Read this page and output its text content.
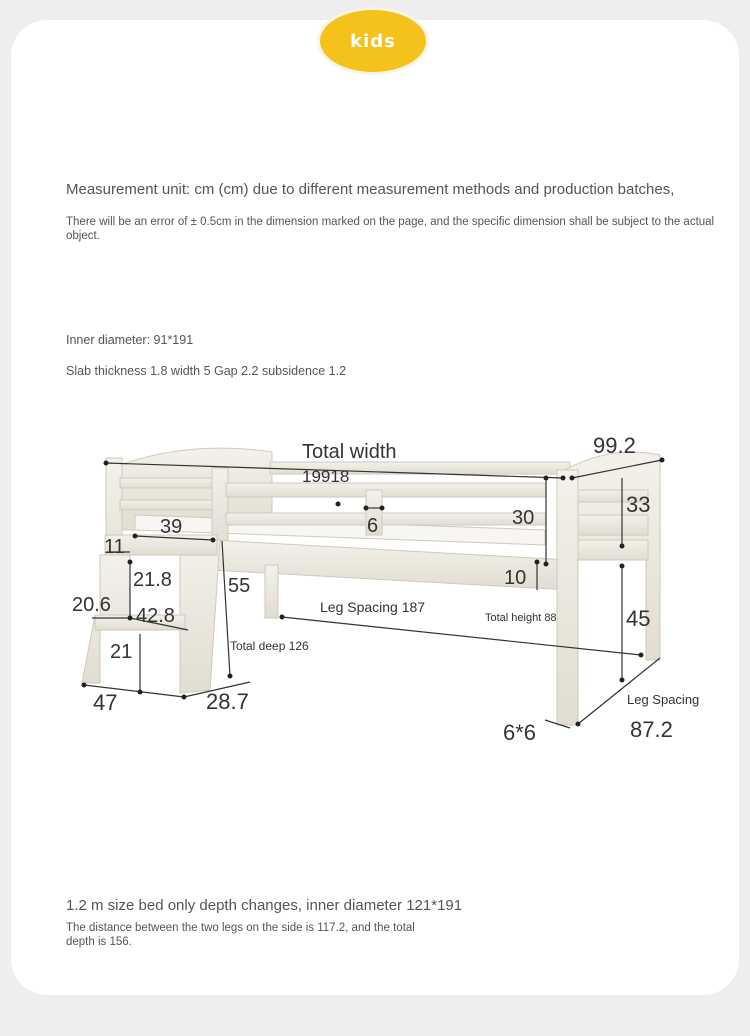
kids
Measurement unit: cm (cm) due to different measurement methods and production batches,
There will be an error of ± 0.5cm in the dimension marked on the page, and the specific dimension shall be subject to the actual object.
Inner diameter: 91*191
Slab thickness 1.8 width 5 Gap 2.2 subsidence 1.2
Total width
19918
99.2
33
30
6
39
11
21.8	55	10
20.6 42.8	Leg Spacing 187
Total height 88	45
21	Total deep 126
47	28.7	Leg Spacing
87.2
6*6
1.2 m size bed only depth changes, inner diameter 121*191
The distance between the two legs on the side is 117.2, and the total depth is 156.
